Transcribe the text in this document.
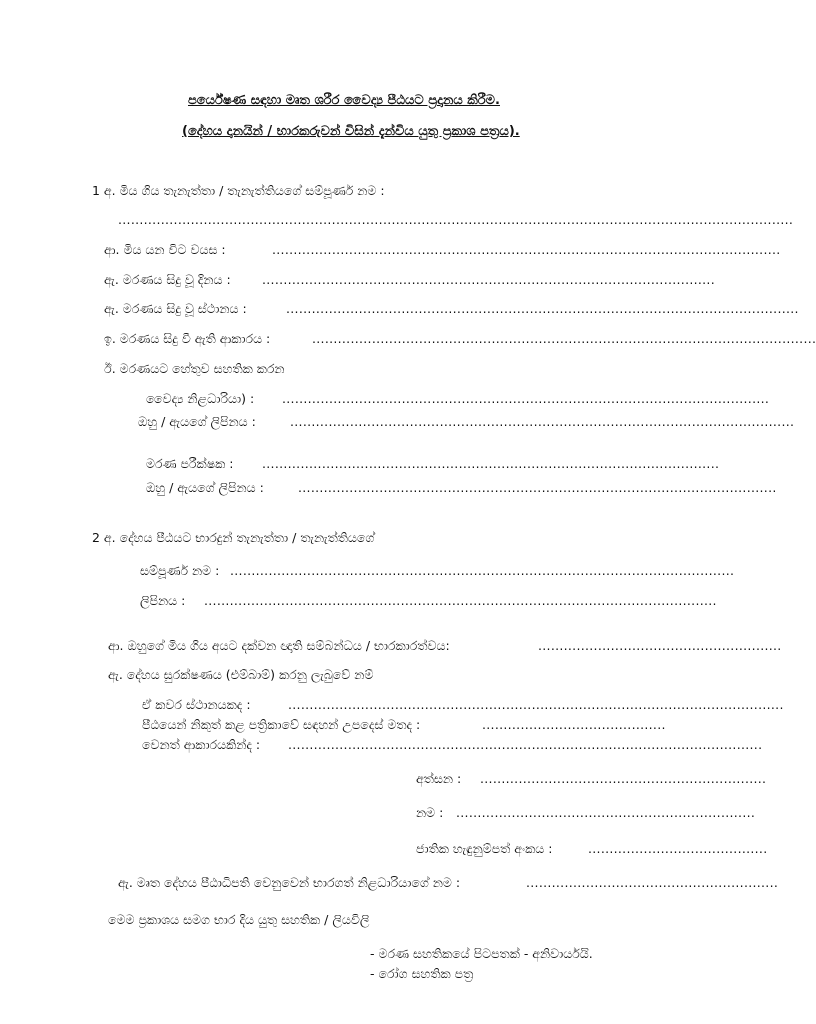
පර්යේෂණ සඳහා මෘත ශරීර වෛද්‍ය පීඨයට ප්‍රදානය කිරීම.
(දේහය දානයින් / භාරකරුවන් විසින් දැන්විය යුතු ප්‍රකාශ පත්‍රය).
1 අ. මිය ගිය තැනැත්තා / තැනැත්තියගේ සම්පූර්ණ නම :
..............................................................................................................................................................
ආ. මිය යන විට වයස :	.......................................................................................................................
ඇ. මරණය සිදු වූ දිනය :	..........................................................................................................
ඇ. මරණය සිදු වූ ස්ථානය :	........................................................................................................................
ඉ. මරණය සිදු වී ඇති ආකාරය :	......................................................................................................................
ඊ. මරණයට හේතුව සහතික කරන
වෛද්‍ය නිළධාරියා) : ..................................................................................................................
ඔහු / ඇයගේ ලිපිනය :	......................................................................................................................
මරණ පරීක්ෂක : ...........................................................................................................
ඔහු / ඇයගේ ලිපිනය :	................................................................................................................
2 අ. දේහය පීඨයට භාරදුන් තැනැත්තා / තැනැත්තියගේ
සම්පූර්ණ නම : ......................................................................................................................
ලිපිනය : ........................................................................................................................
ආ. ඔහුගේ මිය ගිය අයට දක්වන ඥාති සම්බන්ධය / භාරකාරත්වය:	.........................................................
ඇ. දේහය සුරක්ෂණය (එම්බාම්) කරනු ලැබුවේ නම්
ඒ කවර ස්ථානයකද :	....................................................................................................................
පීඨයෙන් නිකුත් කළ පත්‍රිකාවේ සඳහන් උපදෙස් මතද :	...........................................
වෙනත් ආකාරයකින්ද : ...............................................................................................................
අත්සන : ...................................................................
නම : ......................................................................
ජාතික හැඳුනුම්පත් අංකය :	..........................................
ඇ. මෘත දේහය පීඨාධිපති වෙනුවෙන් භාරගත් නිළධාරියාගේ නම :	...........................................................
මෙම ප්‍රකාශය සමග භාර දිය යුතු සහතික / ලියවිලි
- මරණ සහතිකයේ පිටපතක් - අනිවාර්යයි.
- රෝග සහතික පත්‍ර
